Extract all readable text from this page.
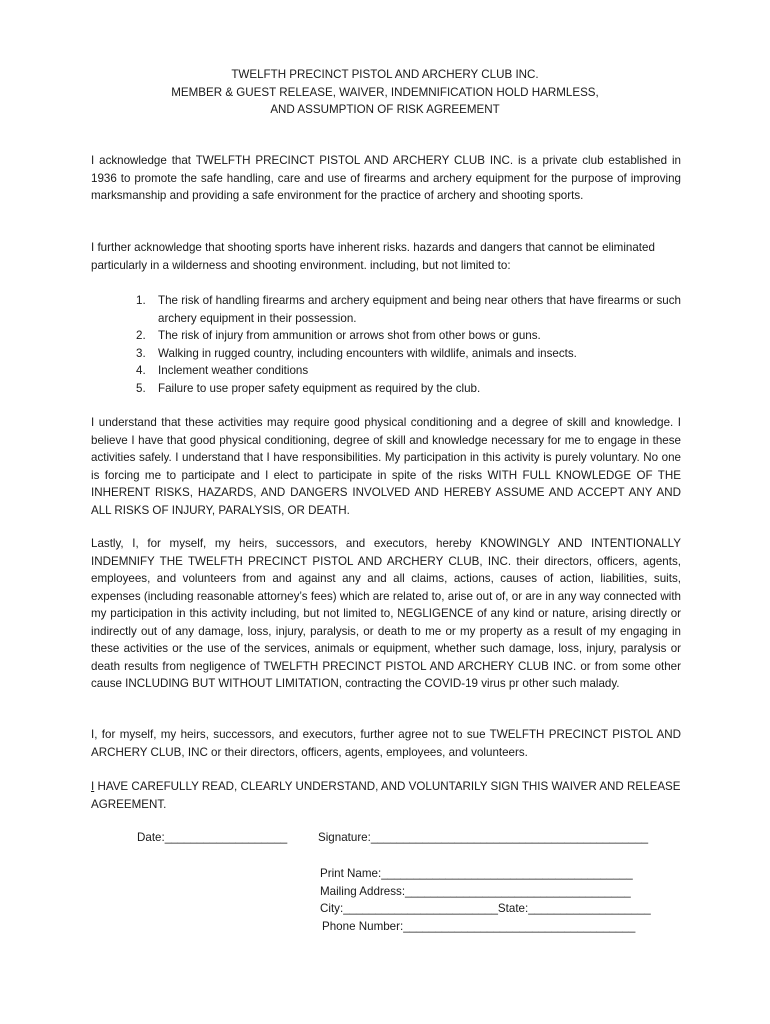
TWELFTH PRECINCT PISTOL AND ARCHERY CLUB INC.
MEMBER & GUEST RELEASE, WAIVER, INDEMNIFICATION HOLD HARMLESS,
AND ASSUMPTION OF RISK AGREEMENT

I acknowledge that TWELFTH PRECINCT PISTOL AND ARCHERY CLUB INC. is a private club established in 1936 to promote the safe handling, care and use of firearms and archery equipment for the purpose of improving marksmanship and providing a safe environment for the practice of archery and shooting sports.

I further acknowledge that shooting sports have inherent risks. hazards and dangers that cannot be eliminated particularly in a wilderness and shooting environment. including, but not limited to:

1.	The risk of handling firearms and archery equipment and being near others that have firearms or such archery equipment in their possession.
2.	The risk of injury from ammunition or arrows shot from other bows or guns.
3.	Walking in rugged country, including encounters with wildlife, animals and insects.
4.	Inclement weather conditions
5.	Failure to use proper safety equipment as required by the club.

I understand that these activities may require good physical conditioning and a degree of skill and knowledge. I believe I have that good physical conditioning, degree of skill and knowledge necessary for me to engage in these activities safely. I understand that I have responsibilities. My participation in this activity is purely voluntary. No one is forcing me to participate and I elect to participate in spite of the risks WITH FULL KNOWLEDGE OF THE INHERENT RISKS, HAZARDS, AND DANGERS INVOLVED AND HEREBY ASSUME AND ACCEPT ANY AND ALL RISKS OF INJURY, PARALYSIS, OR DEATH.

Lastly, I, for myself, my heirs, successors, and executors, hereby KNOWINGLY AND INTENTIONALLY INDEMNIFY THE TWELFTH PRECINCT PISTOL AND ARCHERY CLUB, INC. their directors, officers, agents, employees, and volunteers from and against any and all claims, actions, causes of action, liabilities, suits, expenses (including reasonable attorney’s fees) which are related to, arise out of, or are in any way connected with my participation in this activity including, but not limited to, NEGLIGENCE of any kind or nature, arising directly or indirectly out of any damage, loss, injury, paralysis, or death to me or my property as a result of my engaging in these activities or the use of the services, animals or equipment, whether such damage, loss, injury, paralysis or death results from negligence of TWELFTH PRECINCT PISTOL AND ARCHERY CLUB INC. or from some other cause INCLUDING BUT WITHOUT LIMITATION, contracting the COVID-19 virus pr other such malady.

I, for myself, my heirs, successors, and executors, further agree not to sue TWELFTH PRECINCT PISTOL AND ARCHERY CLUB, INC or their directors, officers, agents, employees, and volunteers.

I HAVE CAREFULLY READ, CLEARLY UNDERSTAND, AND VOLUNTARILY SIGN THIS WAIVER AND RELEASE AGREEMENT.

Date:___________________	Signature:___________________________________________
Print Name:_______________________________________
Mailing Address:___________________________________
City:________________________State:___________________
Phone Number:____________________________________
